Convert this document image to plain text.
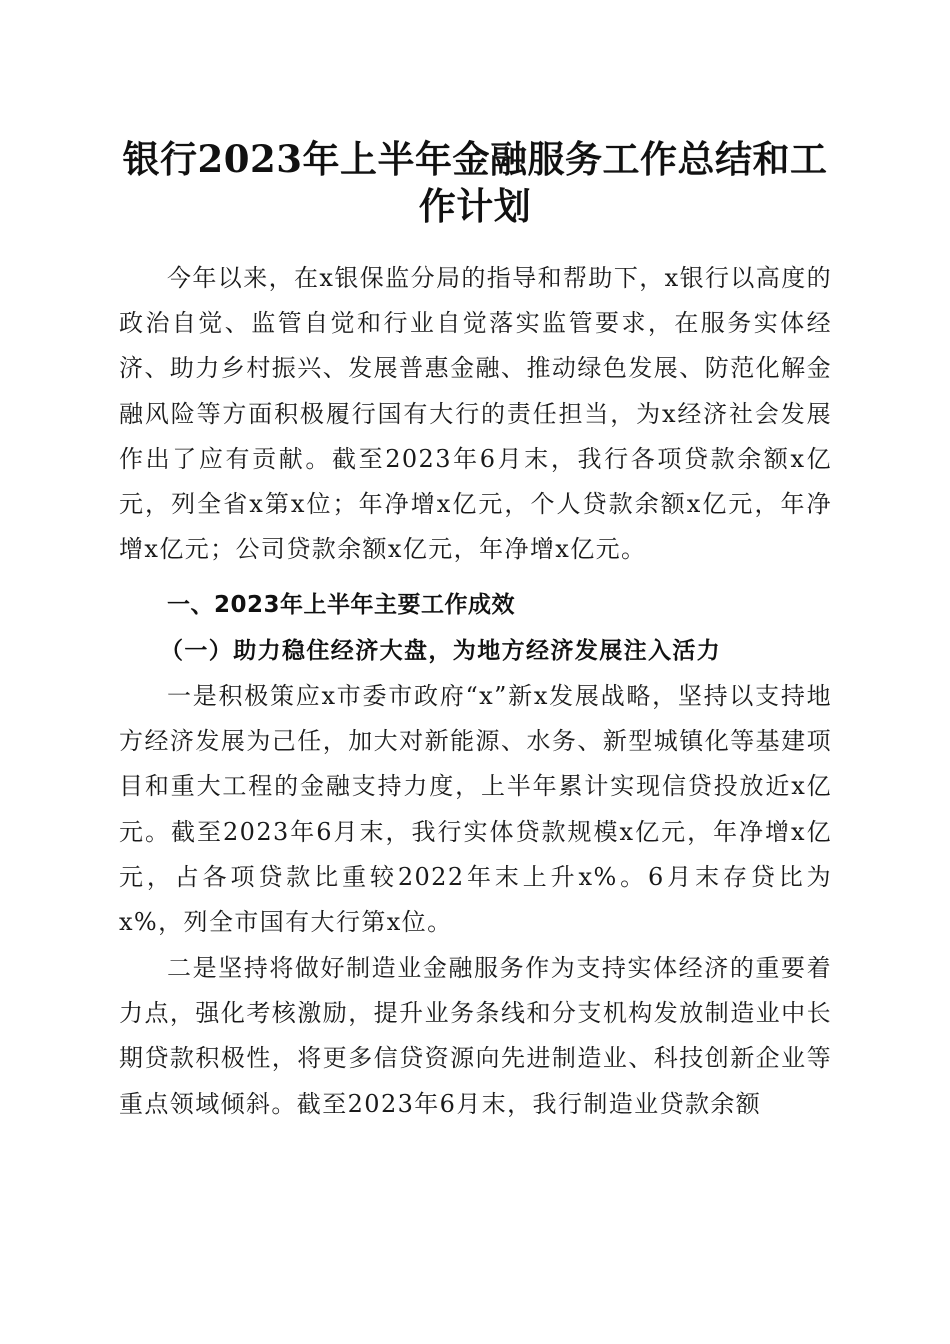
银行2023年上半年金融服务工作总结和工作计划

今年以来，在x银保监分局的指导和帮助下，x银行以高度的政治自觉、监管自觉和行业自觉落实监管要求，在服务实体经济、助力乡村振兴、发展普惠金融、推动绿色发展、防范化解金融风险等方面积极履行国有大行的责任担当，为x经济社会发展作出了应有贡献。截至2023年6月末，我行各项贷款余额x亿元，列全省x第x位；年净增x亿元，个人贷款余额x亿元，年净增x亿元；公司贷款余额x亿元，年净增x亿元。

一、2023年上半年主要工作成效
（一）助力稳住经济大盘，为地方经济发展注入活力

一是积极策应x市委市政府“x”新x发展战略，坚持以支持地方经济发展为己任，加大对新能源、水务、新型城镇化等基建项目和重大工程的金融支持力度，上半年累计实现信贷投放近x亿元。截至2023年6月末，我行实体贷款规模x亿元，年净增x亿元，占各项贷款比重较2022年末上升x%。6月末存贷比为x%，列全市国有大行第x位。

二是坚持将做好制造业金融服务作为支持实体经济的重要着力点，强化考核激励，提升业务条线和分支机构发放制造业中长期贷款积极性，将更多信贷资源向先进制造业、科技创新企业等重点领域倾斜。截至2023年6月末，我行制造业贷款余额
